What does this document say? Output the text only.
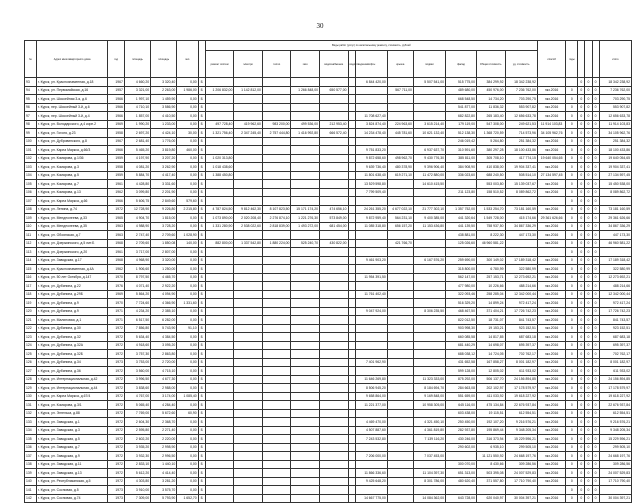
30
№	Адрес многоквартирного дома	год	площадь	площадь	чел.		Виды работ (услуг) по капитальному ремонту, стоимость, рублей												способ	годы				итого
							ремонт систем	электро	тепло	газо	водоснабжение	водоотведение	лифты	крыша	подвал	фасад	Общая стоимость	уд. стоимость						
93	г. Курск, ул. Краснознаменная, д.18	1967	4 660,20	3 320,40	0,00	Б							6 844 420,00		5 507 541,00	515 775,00	384 299,92	18 342 238,92			0	0	0	18 342 238,92
94	г. Курск, ул. Первомайская, д.16	1957	3 321,00	2 263,00	1 986,00	Б	1 206 832,00	1 142 812,00		1 266 848,00	650 577,00			567 711,00		489 680,00	450 976,00	7 236 762,00	экз.2016	0	0	0	0	7 236 762,00
95	г. Курск, ул. Шоссейная 3-я, д.6	1966	1 997,10	1 459,90	0,00	Б										668 548,50	14 734,20	703 290,75	экз.2016	0	0	0	0	703 290,75
96	г. Курск, пер. Шоссейный 3-й, д.6	1966	4 710,10	3 586,90	0,00	Б										541 877,00	11 836,32	553 907,82	экз.2016	0	0	0	0	553 907,82
97	г. Курск, пер. Шоссейный 3-й, д.4	1966	1 857,00	4 410,50	0,00	Б							11 708 627,40			682 822,80	265 183,40	12 656 633,78	экз.2016	0	0	0	0	12 656 633,78
98	г. Курск, ул. Володарского, д.4 корп.2	1969	1 990,20	1 233,00	0,00	Б	497 728,40	419 962,60	983 200,00	499 536,00	212 953,40		3 824 874,40	224 963,60	3 615 214,40	179 119,00	547 308,00	249 621,53	11 914 103,83	0	0	0	0	11 914 103,83
99	г. Курск, ул. Гоголя, д.23	1958	2 697,20	4 424,10	30,00	Б	1 321 756,40	2 347 245,40	2 757 444,80	1 416 992,80	666 572,40		14 234 478,40	445 781,60	10 621 132,40	512 138,30	1 368 720,59	714 573,96	34 105 962,76	0	0	0	0	34 105 962,76
100	г. Курск, ул. Дубровинского, д.8	1967	2 681,40	1 776,00	0,00	Б										246 019,42	5 264,80	251 384,32	экз.2016	0	0	0	0	251 384,32
101	г. Курск, ул. Карла Маркса, д.66/3	1966	5 465,20	3 819,80	460,00	Б							9 751 833,20		6 937 637,70	310 591,60	380 297,28	18 100 433,86	экз.2016	0	0	0	0	18 100 433,86
102	г. Курск, ул. Комарова, д.1/36	1959	4 197,90	3 207,20	0,00	Б	1 020 313,80						9 872 658,60	498 962,70	9 430 776,30	385 811,00	305 708,10	417 774,15	19 640 054,65	0	0	0	0	19 640 054,65
103	г. Курск, ул. Комарова, д.3	1958	4 081,20	3 262,90	0,00	Б	1 018 438,60						9 639 736,40	480 378,90	9 396 906,40	384 908,90	410 838,00	19 904 337,41	экз.2016	0	0	0	0	19 904 337,41
104	г. Курск, ул. Комарова, д.5	1959	5 884,70	4 417,40	0,00	Б	1 388 450,80						11 801 638,40	619 271,10	11 472 880,00	336 023,60	688 240,50	508 514,10	27 134 597,45	0	0	0	0	27 134 597,45
105	г. Курск, ул. Комарова, д.7	1961	4 428,80	3 331,60	0,00	Б							13 529 598,80		14 610 415,50		553 003,80	15 139 037,67	экз.2016	0	0	0	0	15 450 538,00
106	г. Курск, ул. Комарова, д.13	1962	3 099,80	2 201,90	0,00	Б							7 799 509,40			211 123,80	158 510,52	8 089 862,72	экз.2016	0	0	0	0	8 089 862,72
107	г. Курск, ул. Карла Маркса, д.66	1966	5 606,75	2 849,60	579,60	Б														0	0	0	0	
108	г. Курск, ул. Ленина, д.74	1972	12 728,90	9 226,80	2 215,80	Б	4 787 824,50	9 812 462,30	8 107 823,50	15 171 174,20	474 656,10		24 261 355,20	4 677 022,10	21 777 302,10	1 357 752,00	1 533 254,70	73 181 160,59	экз.2016	0	0	0	0	73 181 160,59
109	г. Курск, ул. Мендеолеева, д.33	1965	4 904,70	1 815,00	0,00	Б	1 073 890,00	2 020 208,40	2 276 874,10	1 221 276,30	573 849,00		9 872 959,40	564 231,10	9 400 385,00	441 320,64	1 549 728,00	415 174,66	29 361 626,66	0	0	0	0	29 361 626,66
110	г. Курск, ул. Мендеолеева, д.35	1963	4 988,90	3 728,20	0,00	Б	1 331 280,90	2 538 022,60	2 818 839,00	1 493 272,00	681 454,00		11 085 318,80	656 157,20	11 153 436,80	441 139,50	758 937,50	34 867 336,29	экз.2016	0	0	0	0	34 867 336,29
111	г. Курск, ул. Обоянская, д.7	1963	2 747,40	2 709,60	1 028,90	Б										438 881,00	8 222,30	447 173,30	экз.2016	0	0	0	0	447 173,30
112	г. Курск, ул. Дзержинского, д.5 лит.Б	1968	2 709,60	1 850,08	140,00	Б	882 800,00	1 337 542,80	1 880 224,00	525 240,70	430 822,00			421 766,70		125 026,60	46 960 581,22		экз.2016	0	0	0	0	46 960 581,22
113	г. Курск, ул. Дзержинского, д.20	1961	3 717,00	2 807,00	0,00	Б														0	0	0	0	
114	г. Курск, ул. Заводская, д.17	1968	4 968,90	3 320,00	0,00	Б							9 461 903,20		6 167 576,20	259 690,00	300 149,02	17 189 318,42	экз.2016	0	0	0	0	17 189 318,42
115	г. Курск, ул. Краснознаменная, д.4А	1962	1 906,60	1 250,00	0,00	Б										315 800,00	6 780,99	322 580,99	экз.2016	0	0	0	0	322 580,99
116	г. Курск, ул. 50 лет Октября, д.147	1970	8 797,50	4 465,70	0,00	Б							11 954 391,50			562 147,00	257 153,71	12 273 692,21	экз.2016	0	0	0	0	12 273 692,21
117	г. Курск, ул. Дубинина, д.22	1976	4 071,40	2 922,20	0,00	Б										477 980,00	10 226,66	488 214,66	экз.2016	0	0	0	0	488 214,66
118	г. Курск, ул. Дубинина, д.29Б	1969	5 864,20	4 094,90	0,00	Б							11 761 402,40			322 093,46	258 285,04	12 342 000,44	экз.2016	0	0	0	0	12 342 000,44
119	г. Курск, ул. Дубинина, д.9	1970	7 724,60	4 366,90	1 331,60	Б										516 329,20	14 899,24	972 417,24	экз.2016	0	0	0	0	972 417,24
120	г. Курск, ул. Дубинина, д.9	1971	4 234,20	2 385,10	0,00	Б							9 047 924,00		8 306 235,50	468 467,50	371 404,21	17 726 742,23	экз.2016	0	0	0	0	17 726 742,23
121	г. Курск, ул. Малиновая, д.1	1971	6 517,50	6 282,00	0,00	Б										822 012,50	18 731,07	841 743,57	экз.2016	0	0	0	0	841 743,57
122	г. Курск, ул. Дубинина, д.30	1972	7 856,80	5 743,90	91,10	Б										903 998,30	19 153,21	923 152,51	экз.2016	0	0	0	0	923 152,51
123	г. Курск, ул. Дубинина, д.32	1972	5 634,40	4 384,50	0,00	Б										660 085,58	14 817,85	687 683,18	экз.2016	0	0	0	0	687 683,18
124	г. Курск, ул. Дубинина, д.32А	1972	4 918,60	3 095,20	0,00	Б										681 440,29	14 698,07	695 397,37	экз.2016	0	0	0	0	695 397,37
125	г. Курск, ул. Дубинина, д.32Б	1972	3 757,30	2 863,80	0,00	Б										688 038,12	14 724,05	702 762,17	экз.2016	0	0	0	0	702 762,17
126	г. Курск, ул. Дубинина, д.34	1973	3 753,00	2 720,00	0,00	Б							7 401 962,90			431 652,58	167 858,27	8 001 182,97	экз.2016	0	0	0	0	8 001 182,97
127	г. Курск, ул. Дубинина, д.36	1972	3 560,00	4 715,10	0,00	Б										599 128,00	12 805,02	611 933,02	экз.2016	0	0	0	0	611 933,02
128	г. Курск, ул. Интернациональная, д.42	1972	3 996,50	4 677,30	0,00	Б							11 646 269,80		11 323 333,00	875 292,00	506 137,70	24 156 894,85	экз.2016	0	0	0	0	24 156 894,85
129	г. Курск, ул. Интернациональная, д.44	1972	3 838,60	2 988,00	0,00	Б							8 506 945,20		8 184 694,70	284 663,08	202 102,97	17 178 579,97	экз.2016	0	0	0	0	17 178 579,97
130	г. Курск, ул. Карла Маркса, д.67/4	1972	4 767,00	3 174,00	1 085,40	Б							9 658 864,00		9 169 848,00	551 659,00	411 033,92	19 618 227,92	экз.2016	0	0	0	0	19 618 227,92
131	г. Курск, ул. Комарова, д.3/1	1972	5 065,40	4 284,40	0,00	Б							11 221 377,00		10 958 305,00	645 116,00	475 134,84	22 676 937,84	экз.2016	0	0	0	0	22 676 937,84
132	г. Курск, ул. Энгельса, д.88	1972	7 769,00	5 672,60	60,90	Б										603 438,00	19 115,51	612 554,51	экз.2016	0	0	0	0	612 554,51
133	г. Курск, ул. Заводская, д.1	1972	2 604,30	2 368,70	0,00	Б							4 469 470,00		4 321 450,10	250 450,00	192 107,20	9 216 576,21	экз.2016	0	0	0	0	9 216 576,21
134	г. Курск, ул. Заводская, д.3	1972	2 595,80	2 271,40	0,00	Б							4 507 887,60		4 361 819,80	282 937,80	195 869,44	9 348 205,34	экз.2016	0	0	0	0	9 348 205,34
135	г. Курск, ул. Заводская, д.5	1972	2 602,20	2 220,00	0,00	Б							7 243 532,80		7 139 116,20	430 246,00	316 373,94	15 229 596,21	экз.2016	0	0	0	0	15 229 596,21
136	г. Курск, ул. Заводская, д.7	1972	3 935,20	2 998,90	0,00	Б										290 602,00	6 935,10	299 505,10	экз.2016	0	0	0	0	299 505,10
137	г. Курск, ул. Заводская, д.9	1972	3 932,30	2 996,50	0,00	Б							7 206 000,00		7 037 453,00		11 121 550,92	24 668 197,76	экз.2016	0	0	0	0	24 668 197,76
138	г. Курск, ул. Заводская, д.11	1972	2 833,10	1 440,10	0,00	Б										300 070,00	8 430,66	309 286,56	экз.2016	0	0	0	0	309 286,56
139	г. Курск, ул. Заводская, д.13	1972	5 612,20	4 414,40	0,00	Б							11 866 336,60		11 104 397,30	651 313,00	503 395,08	24 007 529,83	экз.2016	0	0	0	0	24 007 529,83
140	г. Курск, ул. Республиканская, д.5	1972	4 303,80	3 281,20	0,00	Б							9 425 648,20		8 301 786,00	480 620,40	371 557,80	17 710 790,40	экз.2016	0	0	0	0	17 710 790,40
141	г. Курск, ул. Сосновая, д.5	1973	3 910,00	3 575,70	0,00	Б														0	0	0	0	
142	г. Курск, ул. Сосновая, д.74	1973	7 309,00	5 793,90	1 652,70	Б							14 667 775,00		14 084 362,00	643 728,00	620 040,97	30 004 397,21	экз.2016	0	0	0	0	30 004 397,21
